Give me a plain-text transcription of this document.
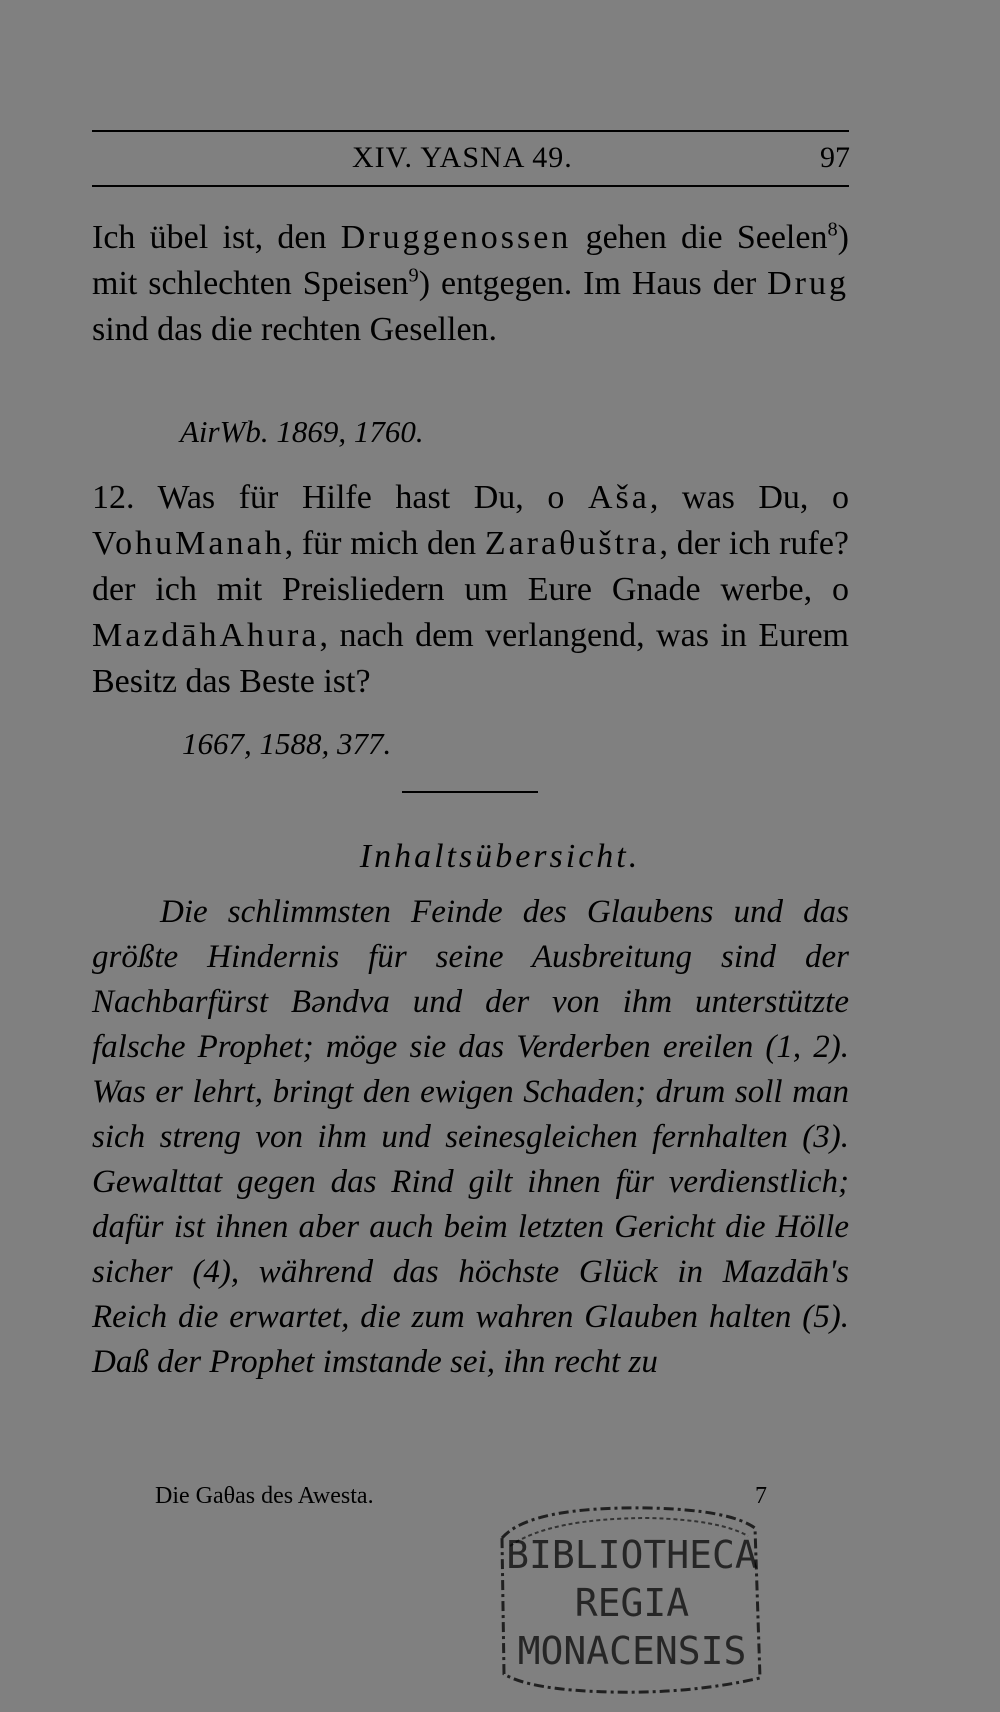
XIV. YASNA 49.	97

Ich übel ist, den Druggenossen gehen die Seelen$^8$) mit schlechten Speisen$^9$) entgegen. Im Haus der Drug sind das die rechten Gesellen.

AirWb. 1869, 1760.

12. Was für Hilfe hast Du, o Aša, was Du, o VohuManah, für mich den Zaraθuštra, der ich rufe? der ich mit Preisliedern um Eure Gnade werbe, o MazdāhAhura, nach dem verlangend, was in Eurem Besitz das Beste ist?

1667, 1588, 377.
Inhaltsübersicht.

Die schlimmsten Feinde des Glaubens und das größte Hindernis für seine Ausbreitung sind der Nachbarfürst Bəndva und der von ihm unterstützte falsche Prophet; möge sie das Verderben ereilen (1, 2). Was er lehrt, bringt den ewigen Schaden; drum soll man sich streng von ihm und seinesgleichen fernhalten (3). Gewalttat gegen das Rind gilt ihnen für verdienstlich; dafür ist ihnen aber auch beim letzten Gericht die Hölle sicher (4), während das höchste Glück in Mazdāh's Reich die erwartet, die zum wahren Glauben halten (5). Daß der Prophet imstande sei, ihn recht zu

Die Gaθas des Awesta.	7
BIBLIOTHECA
REGIA
MONACENSIS
